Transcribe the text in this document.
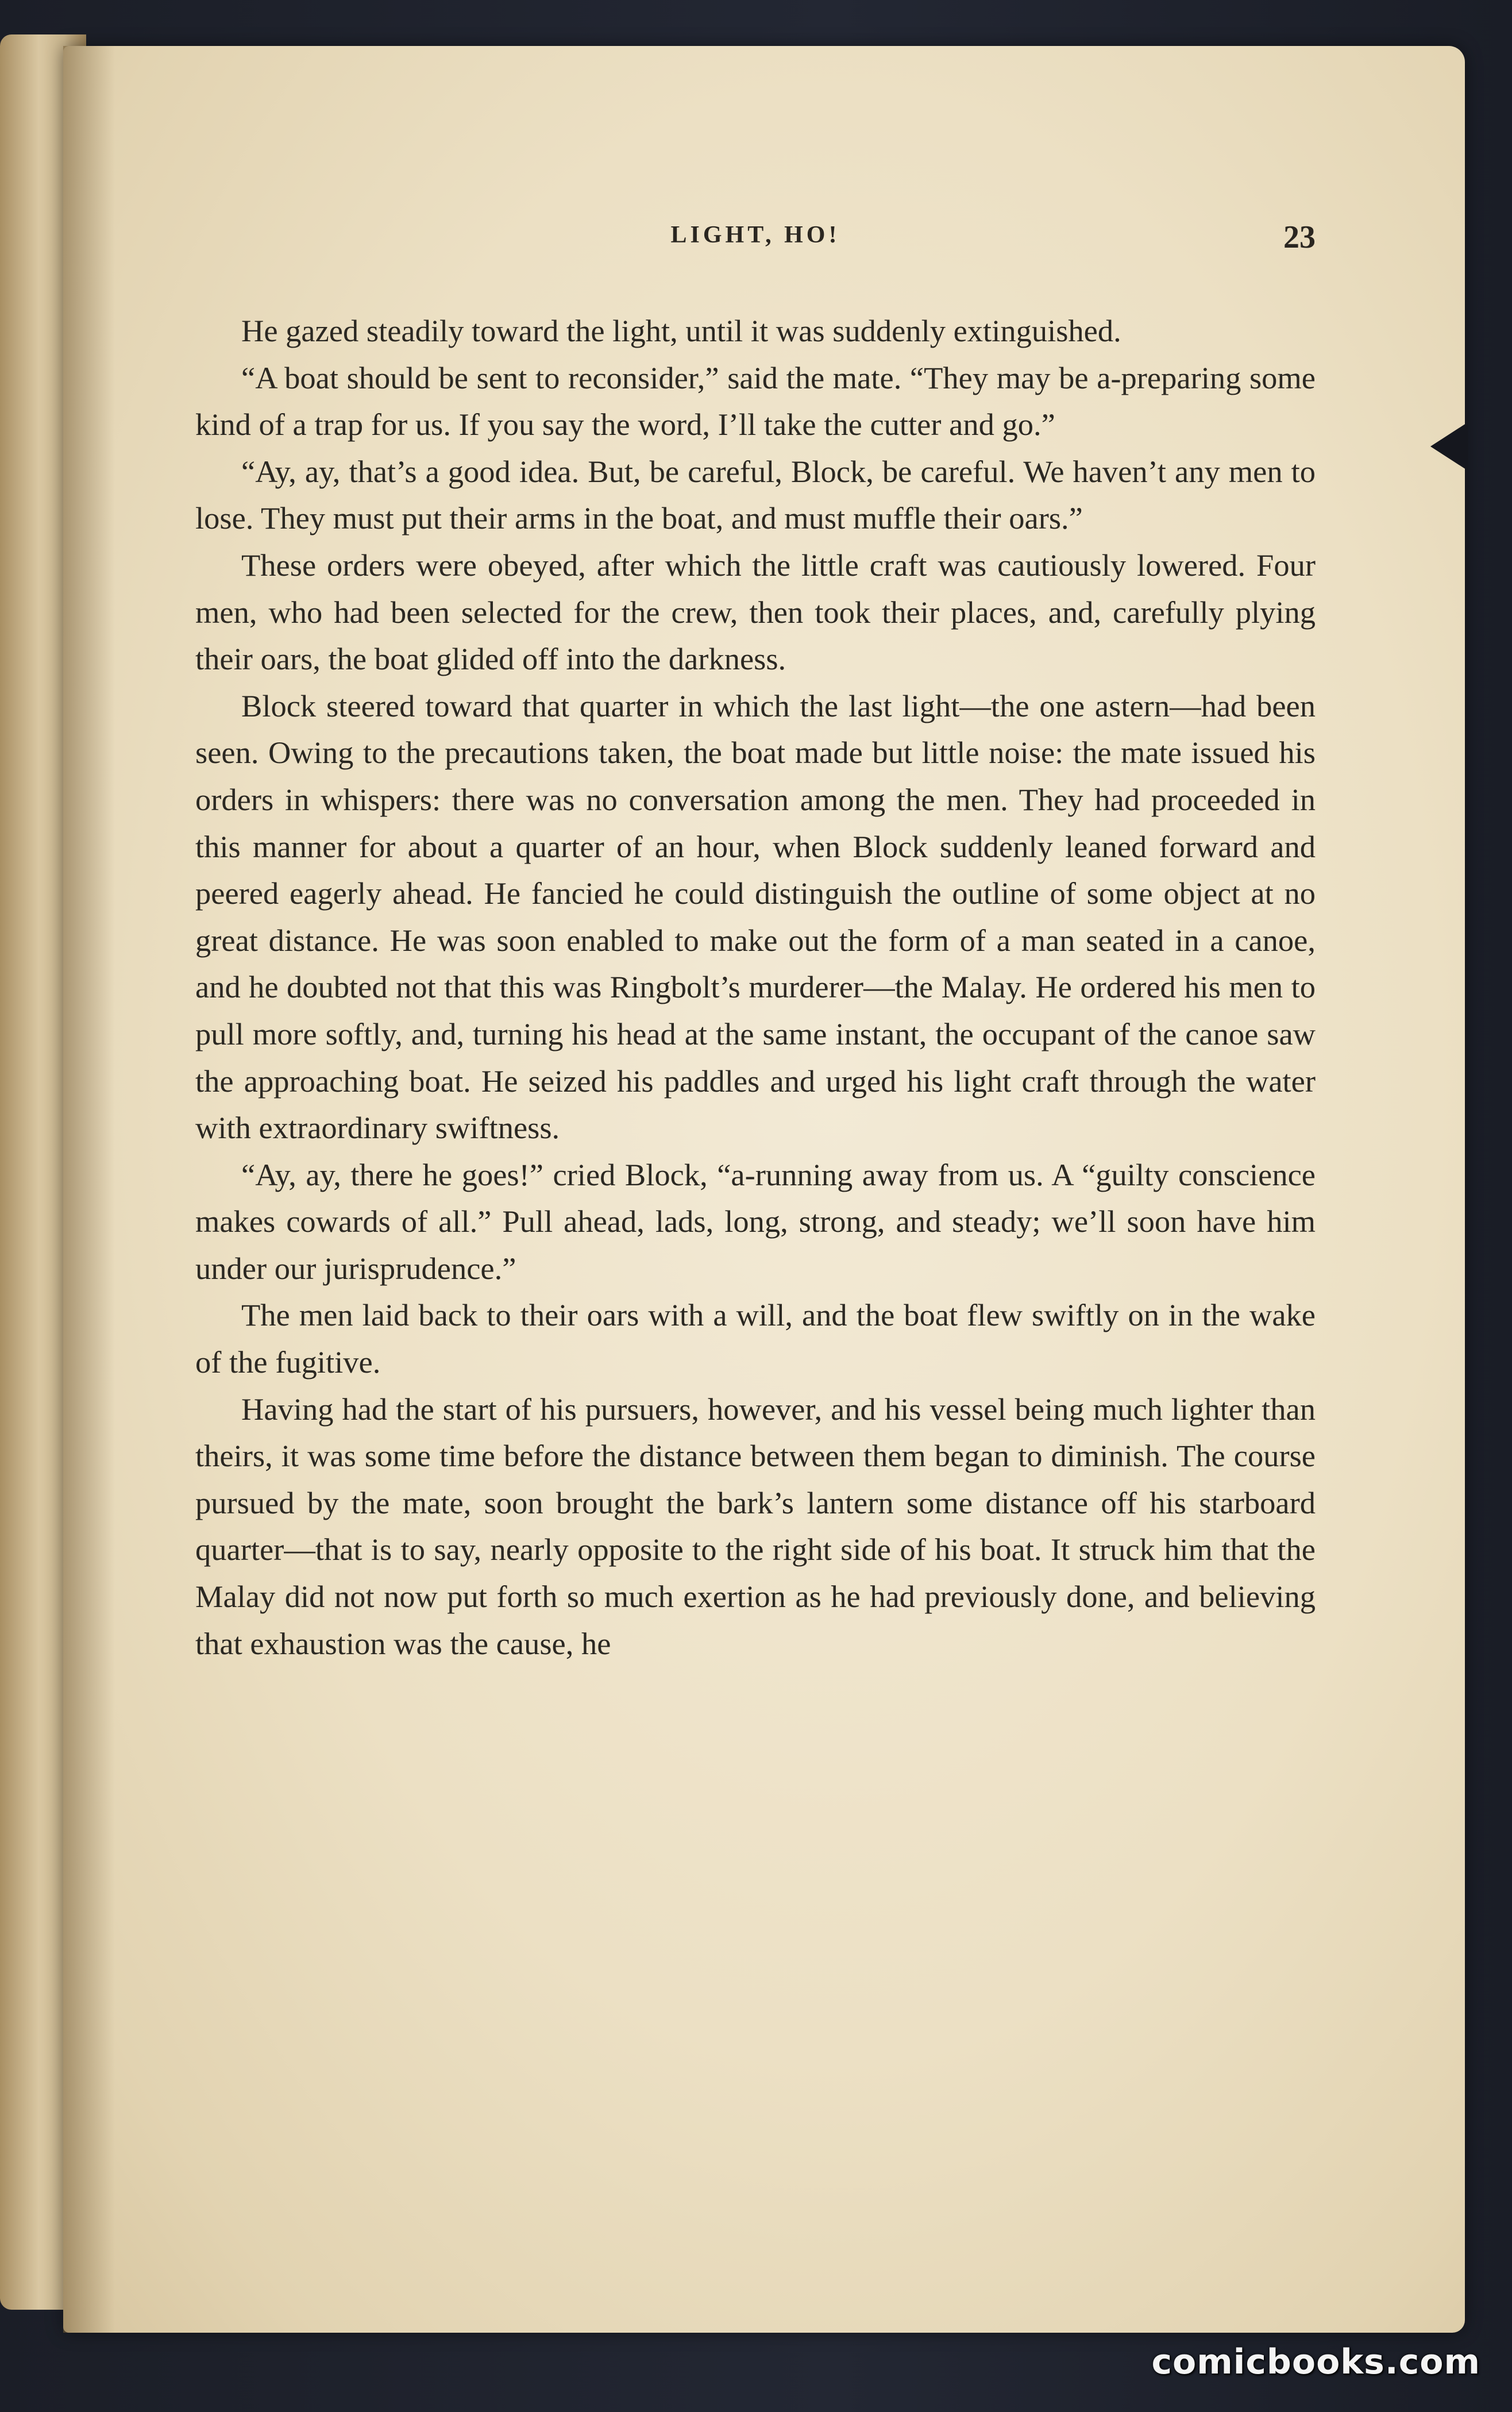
LIGHT, HO!	23

He gazed steadily toward the light, until it was suddenly extinguished.

“A boat should be sent to reconsider,” said the mate. “They may be a-preparing some kind of a trap for us. If you say the word, I’ll take the cutter and go.”

“Ay, ay, that’s a good idea. But, be careful, Block, be careful. We haven’t any men to lose. They must put their arms in the boat, and must muffle their oars.”

These orders were obeyed, after which the little craft was cautiously lowered. Four men, who had been selected for the crew, then took their places, and, carefully plying their oars, the boat glided off into the darkness.

Block steered toward that quarter in which the last light—the one astern—had been seen. Owing to the precautions taken, the boat made but little noise: the mate issued his orders in whispers: there was no conversation among the men. They had proceeded in this manner for about a quarter of an hour, when Block suddenly leaned forward and peered eagerly ahead. He fancied he could distinguish the outline of some object at no great distance. He was soon enabled to make out the form of a man seated in a canoe, and he doubted not that this was Ringbolt’s murderer—the Malay. He ordered his men to pull more softly, and, turning his head at the same instant, the occupant of the canoe saw the approaching boat. He seized his paddles and urged his light craft through the water with extraordinary swiftness.

“Ay, ay, there he goes!” cried Block, “a-running away from us. A “guilty conscience makes cowards of all.” Pull ahead, lads, long, strong, and steady; we’ll soon have him under our jurisprudence.”

The men laid back to their oars with a will, and the boat flew swiftly on in the wake of the fugitive.

Having had the start of his pursuers, however, and his vessel being much lighter than theirs, it was some time before the distance between them began to diminish. The course pursued by the mate, soon brought the bark’s lantern some distance off his starboard quarter—that is to say, nearly opposite to the right side of his boat. It struck him that the Malay did not now put forth so much exertion as he had previously done, and believing that exhaustion was the cause, he

comicbooks.com
